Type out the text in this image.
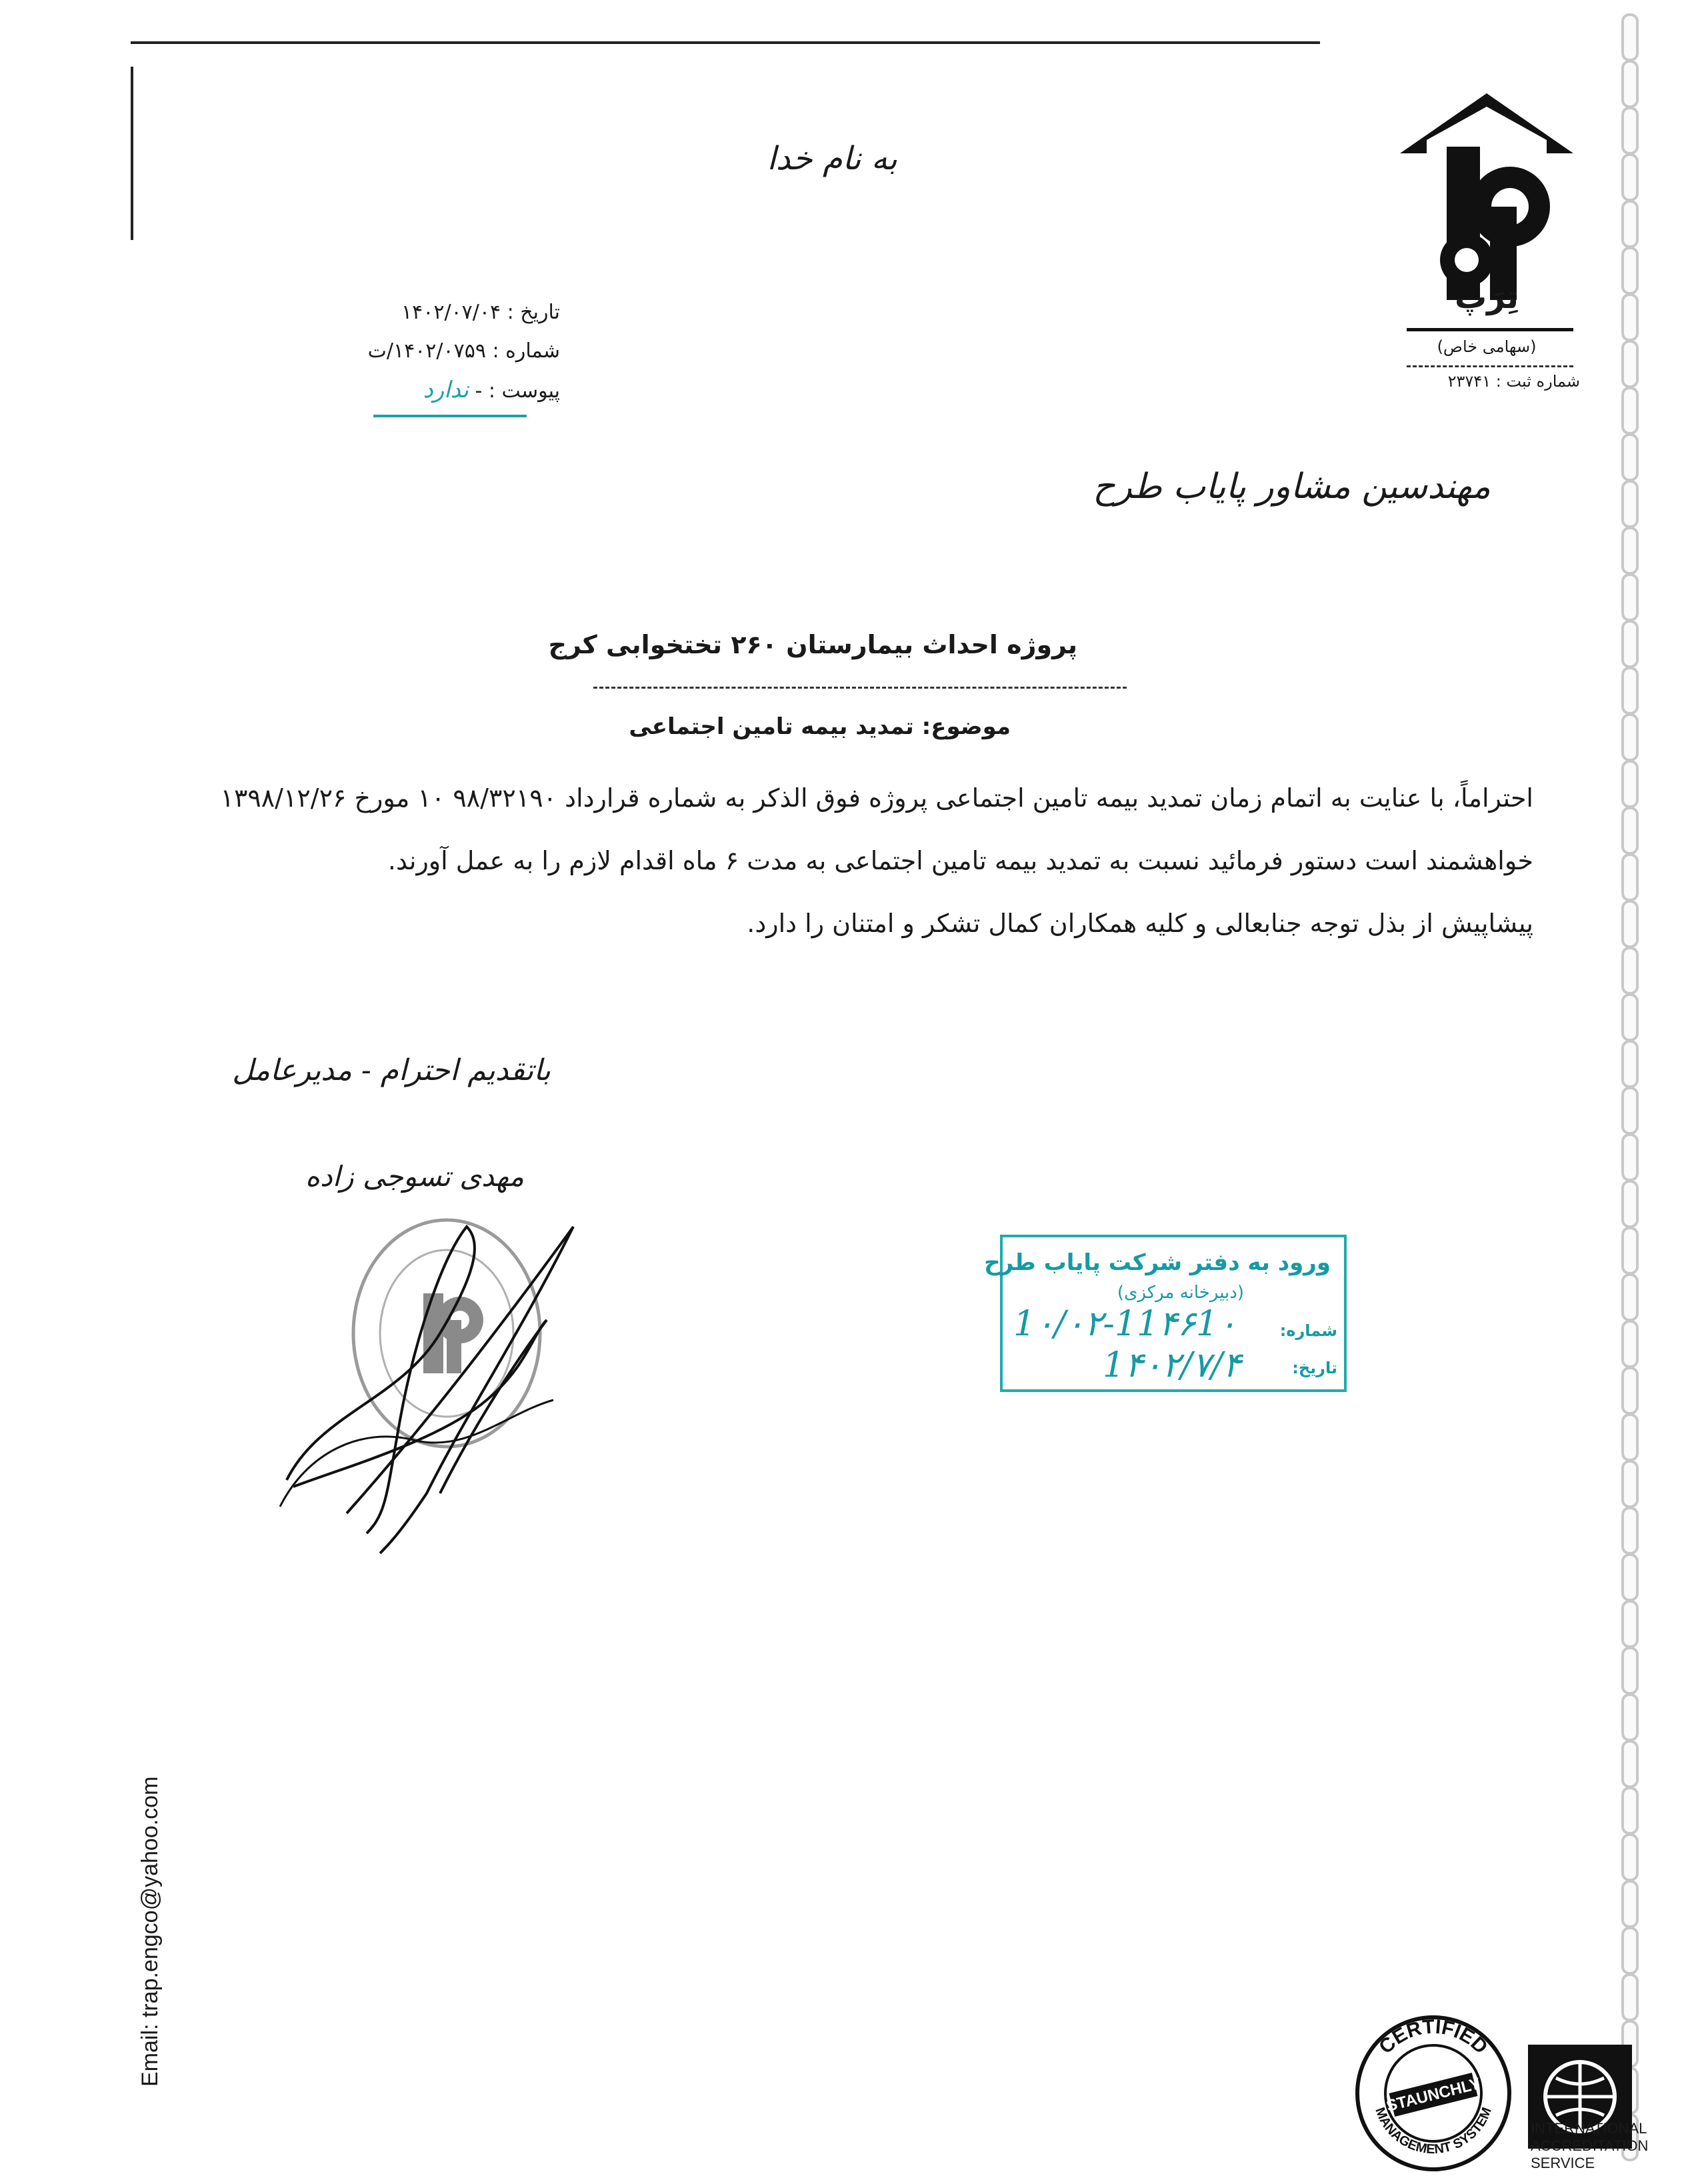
تِرَپ
(سهامی خاص)
شماره ثبت : ۲۳۷۴۱
به نام خدا
تاریخ : ۱۴۰۲/۰۷/۰۴
شماره : ۱۴۰۲/۰۷۵۹/ت
پیوست : - ندارد
مهندسین مشاور پایاب طرح
پروژه احداث بیمارستان ۲۶۰ تختخوابی کرج
موضوع: تمدید بیمه تامین اجتماعی

احتراماً، با عنایت به اتمام زمان تمدید بیمه تامین اجتماعی پروژه فوق الذکر به شماره قرارداد ۹۸/۳۲۱۹۰ ۱۰ مورخ ۱۳۹۸/۱۲/۲۶

خواهشمند است دستور فرمائید نسبت به تمدید بیمه تامین اجتماعی به مدت ۶ ماه اقدام لازم را به عمل آورند.

پیشاپیش از بذل توجه جنابعالی و کلیه همکاران کمال تشکر و امتنان را دارد.

باتقدیم احترام - مدیرعامل
مهدی تسوجی زاده
ورود به دفتر شرکت پایاب طرح
(دبیرخانه مرکزی)
شماره:
1۰/۰۲-11۴۶1۰
تاریخ:
1۴۰۲/۷/۴
Email: trap.engco@yahoo.com	CERTIFIED
MANAGEMENT SYSTEM
STAUNCHLY
INTERNATIONAL
ACCREDITATION
SERVICE
